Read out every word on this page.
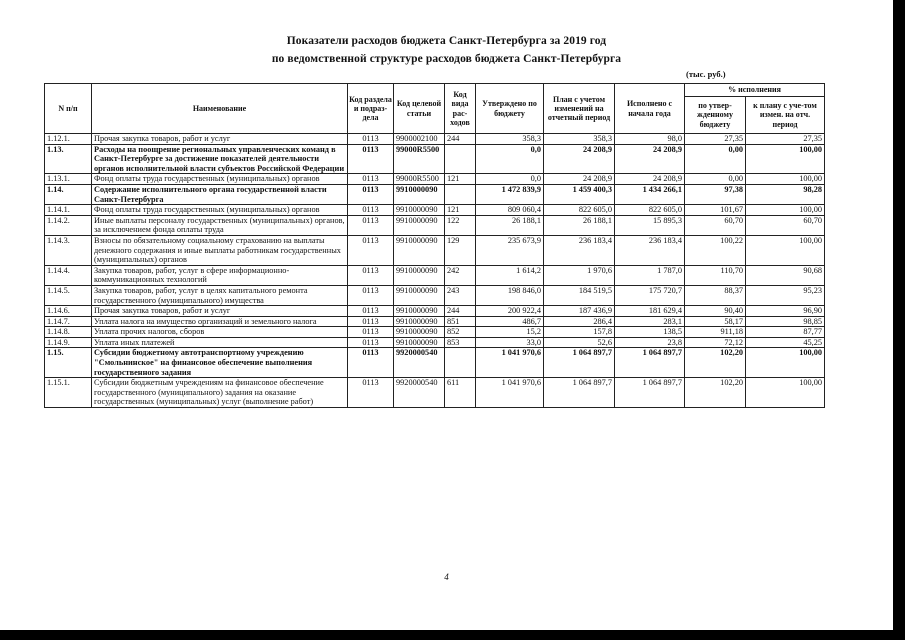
Показатели расходов бюджета Санкт-Петербурга за 2019 год
по ведомственной структуре расходов бюджета Санкт-Петербурга
(тыс. руб.)
N п/п	Наименование	Код раздела и подраз-дела	Код целевой статьи	Код вида рас-ходов	Утверждено по бюджету	План с учетом изменений на отчетный период	Исполнено с начала года	% исполнения	
								по утвер-жденному бюджету	к плану с уче-том измен. на отч. период
1.12.1.	Прочая закупка товаров, работ и услуг	0113	9900002100	244	358,3	358,3	98,0	27,35	27,35
1.13.	Расходы на поощрение региональных управленческих команд в Санкт-Петербурге за достижение показателей деятельности органов исполнительной власти субъектов Российской Федерации	0113	99000R5500		0,0	24 208,9	24 208,9	0,00	100,00
1.13.1.	Фонд оплаты труда государственных (муниципальных) органов	0113	99000R5500	121	0,0	24 208,9	24 208,9	0,00	100,00
1.14.	Содержание исполнительного органа государственной власти Санкт-Петербурга	0113	9910000090		1 472 839,9	1 459 400,3	1 434 266,1	97,38	98,28
1.14.1.	Фонд оплаты труда государственных (муниципальных) органов	0113	9910000090	121	809 060,4	822 605,0	822 605,0	101,67	100,00
1.14.2.	Иные выплаты персоналу государственных (муниципальных) органов, за исключением фонда оплаты труда	0113	9910000090	122	26 188,1	26 188,1	15 895,3	60,70	60,70
1.14.3.	Взносы по обязательному социальному страхованию на выплаты денежного содержания и иные выплаты работникам государственных (муниципальных) органов	0113	9910000090	129	235 673,9	236 183,4	236 183,4	100,22	100,00
1.14.4.	Закупка товаров, работ, услуг в сфере информационно-коммуникационных технологий	0113	9910000090	242	1 614,2	1 970,6	1 787,0	110,70	90,68
1.14.5.	Закупка товаров, работ, услуг в целях капитального ремонта государственного (муниципального) имущества	0113	9910000090	243	198 846,0	184 519,5	175 720,7	88,37	95,23
1.14.6.	Прочая закупка товаров, работ и услуг	0113	9910000090	244	200 922,4	187 436,9	181 629,4	90,40	96,90
1.14.7.	Уплата налога на имущество организаций и земельного налога	0113	9910000090	851	486,7	286,4	283,1	58,17	98,85
1.14.8.	Уплата прочих налогов, сборов	0113	9910000090	852	15,2	157,8	138,5	911,18	87,77
1.14.9.	Уплата иных платежей	0113	9910000090	853	33,0	52,6	23,8	72,12	45,25
1.15.	Субсидии бюджетному автотранспортному учреждению "Смольнинское" на финансовое обеспечение выполнения государственного задания	0113	9920000540		1 041 970,6	1 064 897,7	1 064 897,7	102,20	100,00
1.15.1.	Субсидии бюджетным учреждениям на финансовое обеспечение государственного (муниципального) задания на оказание государственных (муниципальных) услуг (выполнение работ)	0113	9920000540	611	1 041 970,6	1 064 897,7	1 064 897,7	102,20	100,00
4
